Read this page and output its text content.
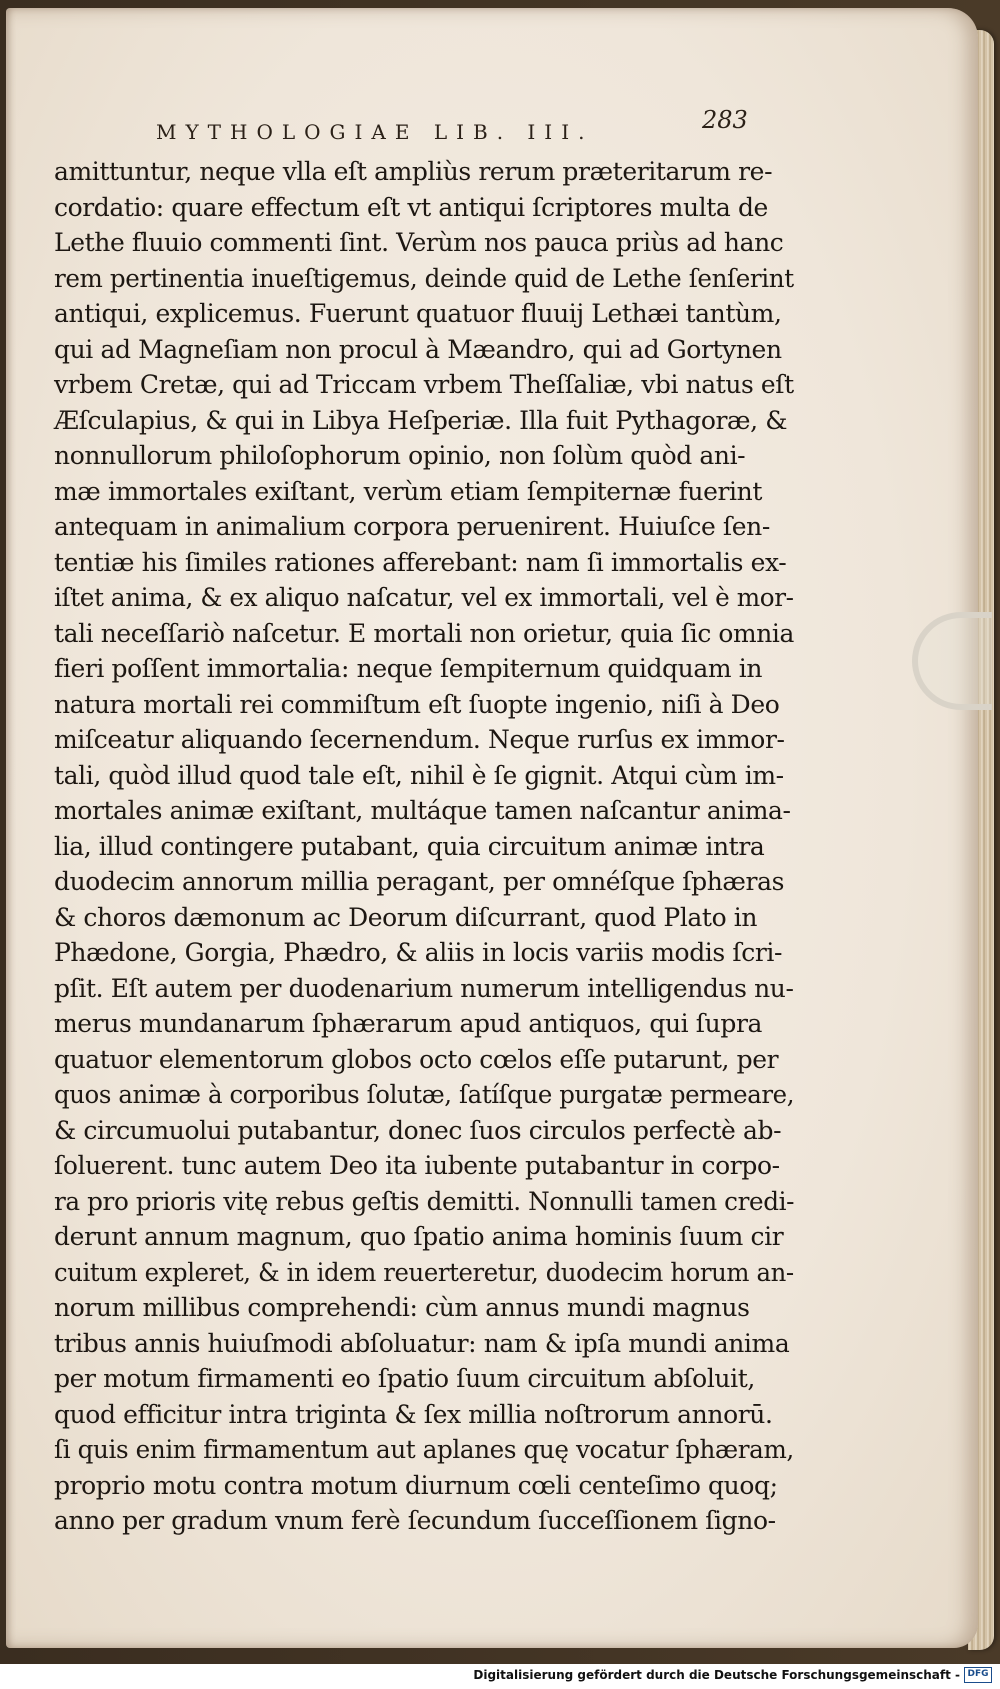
MYTHOLOGIAE LIB. III.	283
amittuntur, neque vlla eſt ampliùs rerum præteritarum re-
cordatio: quare effectum eſt vt antiqui ſcriptores multa de
Lethe fluuio commenti ſint. Verùm nos pauca priùs ad hanc
rem pertinentia inueſtigemus, deinde quid de Lethe ſenſerint
antiqui, explicemus. Fuerunt quatuor fluuij Lethæi tantùm,
qui ad Magneſiam non procul à Mæandro, qui ad Gortynen
vrbem Cretæ, qui ad Triccam vrbem Theſſaliæ, vbi natus eſt
Æſculapius, & qui in Libya Heſperiæ. Illa fuit Pythagoræ, &
nonnullorum philoſophorum opinio, non ſolùm quòd ani-
mæ immortales exiſtant, verùm etiam ſempiternæ fuerint
antequam in animalium corpora peruenirent. Huiuſce ſen-
tentiæ his ſimiles rationes afferebant: nam ſi immortalis ex-
iſtet anima, & ex aliquo naſcatur, vel ex immortali, vel è mor-
tali neceſſariò naſcetur. E mortali non orietur, quia ſic omnia
fieri poſſent immortalia: neque ſempiternum quidquam in
natura mortali rei commiſtum eſt ſuopte ingenio, niſi à Deo
miſceatur aliquando ſecernendum. Neque rurſus ex immor-
tali, quòd illud quod tale eſt, nihil è ſe gignit. Atqui cùm im-
mortales animæ exiſtant, multáque tamen naſcantur anima-
lia, illud contingere putabant, quia circuitum animæ intra
duodecim annorum millia peragant, per omnéſque ſphæras
& choros dæmonum ac Deorum diſcurrant, quod Plato in
Phædone, Gorgia, Phædro, & aliis in locis variis modis ſcri-
pſit. Eſt autem per duodenarium numerum intelligendus nu-
merus mundanarum ſphærarum apud antiquos, qui ſupra
quatuor elementorum globos octo cœlos eſſe putarunt, per
quos animæ à corporibus ſolutæ, ſatíſque purgatæ permeare,
& circumuolui putabantur, donec ſuos circulos perfectè ab-
ſoluerent. tunc autem Deo ita iubente putabantur in corpo-
ra pro prioris vitę rebus geſtis demitti. Nonnulli tamen credi-
derunt annum magnum, quo ſpatio anima hominis ſuum cir
cuitum expleret, & in idem reuerteretur, duodecim horum an-
norum millibus comprehendi: cùm annus mundi magnus
tribus annis huiuſmodi abſoluatur: nam & ipſa mundi anima
per motum firmamenti eo ſpatio ſuum circuitum abſoluit,
quod efficitur intra triginta & ſex millia noſtrorum annorū.
ſi quis enim firmamentum aut aplanes quę vocatur ſphæram,
proprio motu contra motum diurnum cœli centeſimo quoq;
anno per gradum vnum ferè ſecundum ſucceſſionem ſigno-
Digitalisierung gefördert durch die Deutsche Forschungsgemeinschaft - DFG
